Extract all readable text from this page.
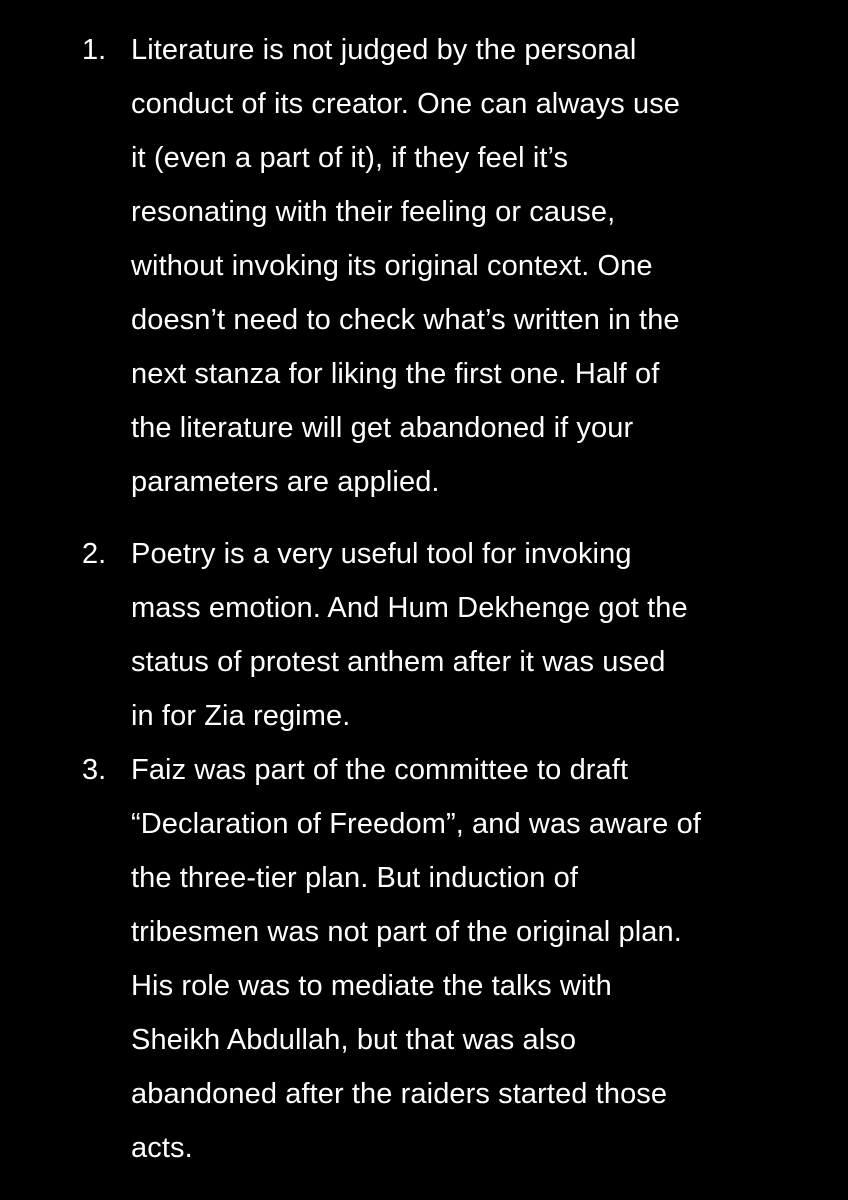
1. Literature is not judged by the personal
conduct of its creator. One can always use
it (even a part of it), if they feel it’s
resonating with their feeling or cause,
without invoking its original context. One
doesn’t need to check what’s written in the
next stanza for liking the first one. Half of
the literature will get abandoned if your
parameters are applied.
2. Poetry is a very useful tool for invoking
mass emotion. And Hum Dekhenge got the
status of protest anthem after it was used
in for Zia regime.
3. Faiz was part of the committee to draft
“Declaration of Freedom”, and was aware of
the three-tier plan. But induction of
tribesmen was not part of the original plan.
His role was to mediate the talks with
Sheikh Abdullah, but that was also
abandoned after the raiders started those
acts.
